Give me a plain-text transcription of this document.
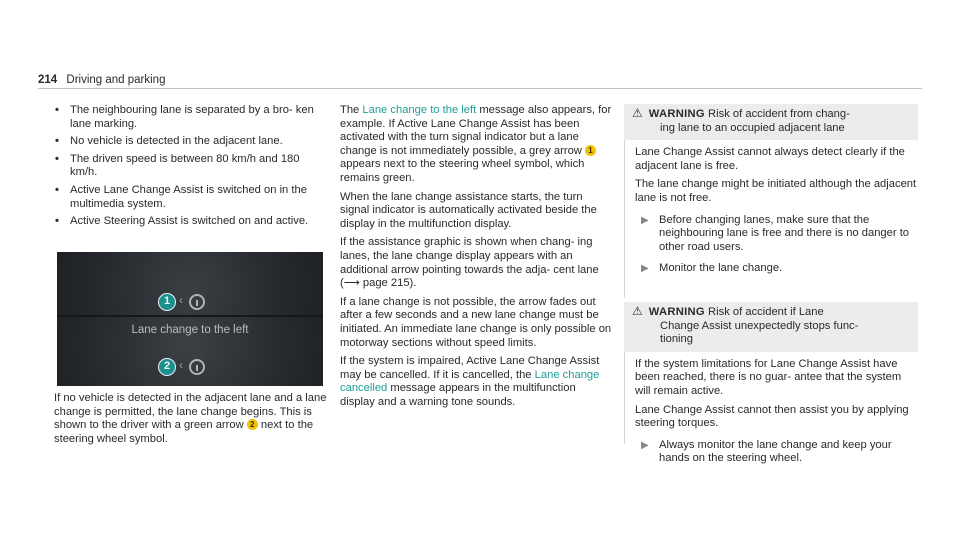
214 Driving and parking
• The neighbouring lane is separated by a bro- ken lane marking.
• No vehicle is detected in the adjacent lane.
• The driven speed is between 80 km/h and 180 km/h.
• Active Lane Change Assist is switched on in the multimedia system.
• Active Steering Assist is switched on and active.
1 ‹
Lane change to the left
2 ‹

If no vehicle is detected in the adjacent lane and a lane change is permitted, the lane change begins. This is shown to the driver with a green arrow 2 next to the steering wheel symbol.

The Lane change to the left message also appears, for example. If Active Lane Change Assist has been activated with the turn signal indicator but a lane change is not immediately possible, a grey arrow 1 appears next to the steering wheel symbol, which remains green.

When the lane change assistance starts, the turn signal indicator is automatically activated beside the display in the multifunction display.

If the assistance graphic is shown when chang- ing lanes, the lane change display appears with an additional arrow pointing towards the adja- cent lane (⟶ page 215).

If a lane change is not possible, the arrow fades out after a few seconds and a new lane change must be initiated. An immediate lane change is only possible on motorway sections without speed limits.

If the system is impaired, Active Lane Change Assist may be cancelled. If it is cancelled, the Lane change cancelled message appears in the multifunction display and a warning tone sounds.

⚠ WARNING Risk of accident from chang-
ing lane to an occupied adjacent lane

Lane Change Assist cannot always detect clearly if the adjacent lane is free.

The lane change might be initiated although the adjacent lane is not free.

▶ Before changing lanes, make sure that the neighbouring lane is free and there is no danger to other road users.
▶ Monitor the lane change.
⚠ WARNING Risk of accident if Lane
Change Assist unexpectedly stops func-
tioning

If the system limitations for Lane Change Assist have been reached, there is no guar- antee that the system will remain active.

Lane Change Assist cannot then assist you by applying steering torques.

▶ Always monitor the lane change and keep your hands on the steering wheel.
